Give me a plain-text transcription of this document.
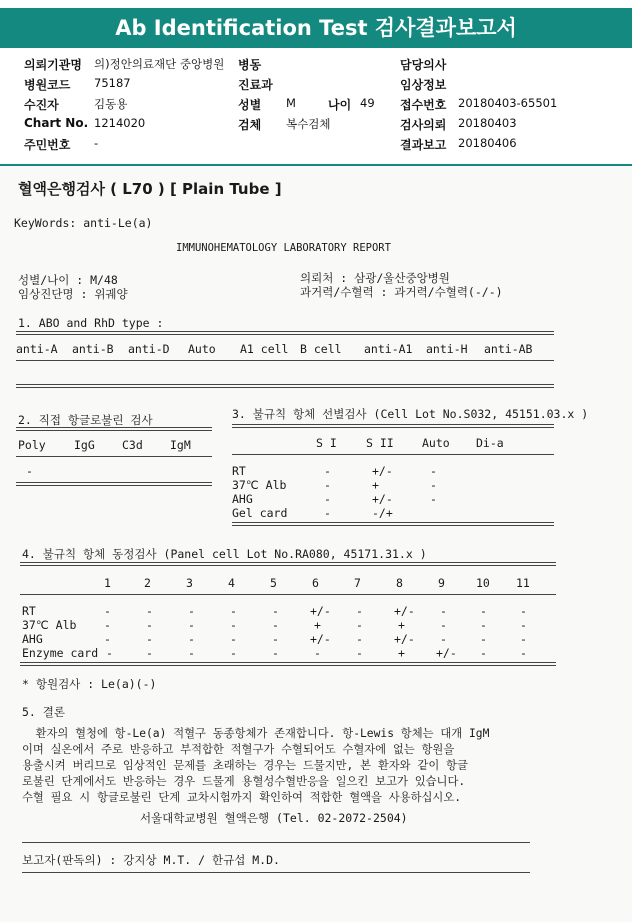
Ab Identification Test 검사결과보고서
의뢰기관명 의)정안의료재단 중앙병원 병동	담당의사
병원코드 75187	진료과	임상정보
수진자	김동용	성별 M	나이 49 접수번호 20180403-65501
Chart No. 1214020	검체 복수검체	검사의뢰 20180403
주민번호 -	결과보고 20180406
혈액은행검사 ( L70 ) [ Plain Tube ]
KeyWords: anti-Le(a)
IMMUNOHEMATOLOGY LABORATORY REPORT
성별/나이 : M/48
임상진단명 : 위궤양
의뢰처 : 삼광/울산중앙병원
과거력/수혈력 : 과거력/수혈력(-/-)
1. ABO and RhD type :
anti-A anti-B anti-D Auto A1 cell B cell anti-A1 anti-H anti-AB
2. 직접 항글로불린 검사
Poly IgG C3d IgM
-
3. 불규칙 항체 선별검사 (Cell Lot No.S032, 45151.03.x )
S I	S II Auto Di-a
RT	-	+/-	-
37℃ Alb	-	+	-
AHG	-	+/-	-
Gel card	-	-/+
4. 불규칙 항체 동정검사 (Panel cell Lot No.RA080, 45171.31.x )
1	2	3	4	5	6	7	8	9	10 11
RT	-	-	-	-	-	+/- -	+/- -	-	-
37℃ Alb -	-	-	-	-	+	-	+	-	-	-
AHG	-	-	-	-	-	+/- -	+/- -	-	-
Enzyme card -	-	-	-	-	-	-	+	+/- -	-
* 항원검사 : Le(a)(-)
5. 결론
환자의 혈청에 항-Le(a) 적혈구 동종항체가 존재합니다. 항-Lewis 항체는 대개 IgM
이며 실온에서 주로 반응하고 부적합한 적혈구가 수혈되어도 수혈자에 없는 항원을
용출시켜 버리므로 임상적인 문제를 초래하는 경우는 드물지만, 본 환자와 같이 항글
로불린 단계에서도 반응하는 경우 드물게 용혈성수혈반응을 일으킨 보고가 있습니다.
수혈 필요 시 항글로불린 단계 교차시험까지 확인하여 적합한 혈액을 사용하십시오.
서울대학교병원 혈액은행 (Tel. 02-2072-2504)
보고자(판독의) : 강지상 M.T. / 한규섭 M.D.
